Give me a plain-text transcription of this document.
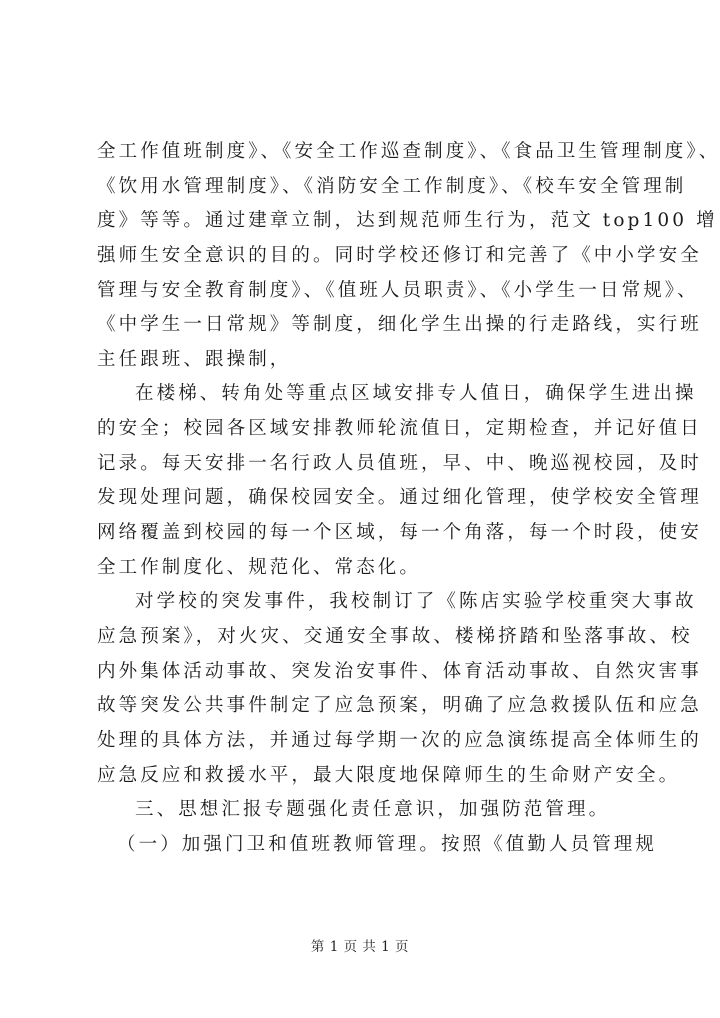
全工作值班制度》、《安全工作巡查制度》、《食品卫生管理制度》、
《饮用水管理制度》、《消防安全工作制度》、《校车安全管理制
度》等等。通过建章立制，达到规范师生行为，范文 top100 增
强师生安全意识的目的。同时学校还修订和完善了《中小学安全
管理与安全教育制度》、《值班人员职责》、《小学生一日常规》、
《中学生一日常规》等制度，细化学生出操的行走路线，实行班
主任跟班、跟操制，
在楼梯、转角处等重点区域安排专人值日，确保学生进出操
的安全；校园各区域安排教师轮流值日，定期检查，并记好值日
记录。每天安排一名行政人员值班，早、中、晚巡视校园，及时
发现处理问题，确保校园安全。通过细化管理，使学校安全管理
网络覆盖到校园的每一个区域，每一个角落，每一个时段，使安
全工作制度化、规范化、常态化。
对学校的突发事件，我校制订了《陈店实验学校重突大事故
应急预案》，对火灾、交通安全事故、楼梯挤踏和坠落事故、校
内外集体活动事故、突发治安事件、体育活动事故、自然灾害事
故等突发公共事件制定了应急预案，明确了应急救援队伍和应急
处理的具体方法，并通过每学期一次的应急演练提高全体师生的
应急反应和救援水平，最大限度地保障师生的生命财产安全。
三、思想汇报专题强化责任意识，加强防范管理。
（一）加强门卫和值班教师管理。按照《值勤人员管理规
第 1 页 共 1 页
